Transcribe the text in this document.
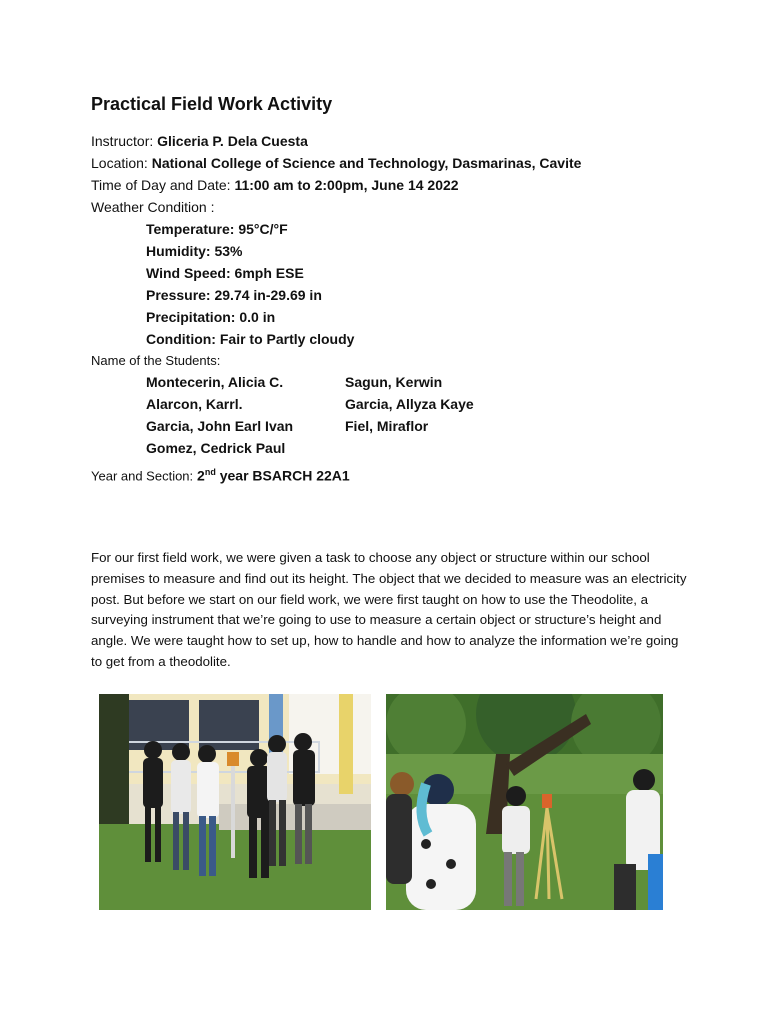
Practical Field Work Activity
Instructor: Gliceria P. Dela Cuesta
Location: National College of Science and Technology, Dasmarinas, Cavite
Time of Day and Date: 11:00 am to 2:00pm, June 14 2022
Weather Condition :
Temperature: 95°C/°F
Humidity: 53%
Wind Speed: 6mph ESE
Pressure: 29.74 in-29.69 in
Precipitation: 0.0 in
Condition: Fair to Partly cloudy
Name of the Students:
Montecerin, Alicia C.
Alarcon, Karrl.
Garcia, John Earl Ivan
Gomez, Cedrick Paul
Sagun, Kerwin
Garcia, Allyza Kaye
Fiel, Miraflor
Year and Section: 2nd year BSARCH 22A1
For our first field work, we were given a task to choose any object or structure within our school premises to measure and find out its height. The object that we decided to measure was an electricity post. But before we start on our field work, we were first taught on how to use the Theodolite, a surveying instrument that we’re going to use to measure a certain object or structure’s height and angle. We were taught how to set up, how to handle and how to analyze the information we’re going to get from a theodolite.
